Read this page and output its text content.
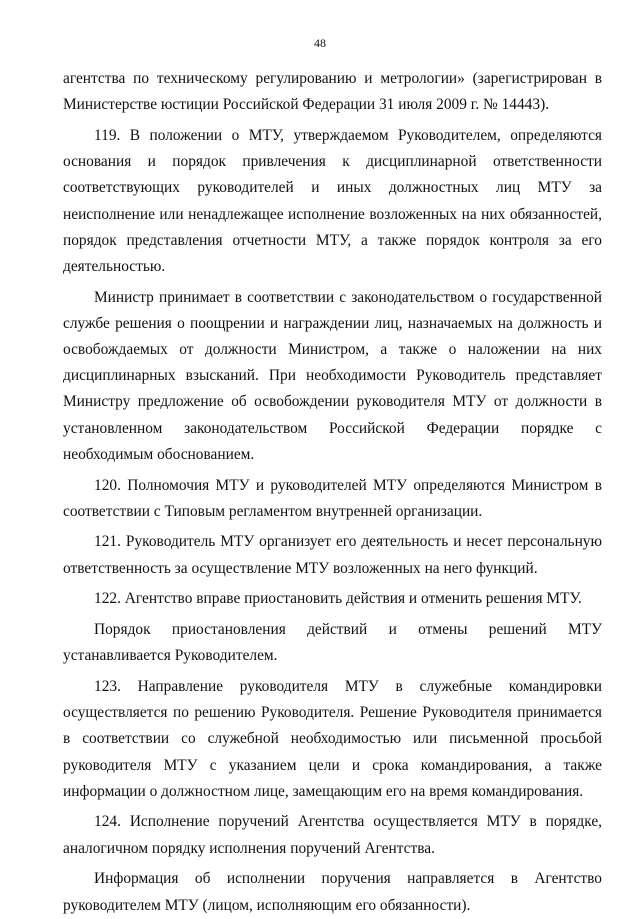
48

агентства по техническому регулированию и метрологии» (зарегистрирован в Министерстве юстиции Российской Федерации 31 июля 2009 г. № 14443).

119. В положении о МТУ, утверждаемом Руководителем, определяются основания и порядок привлечения к дисциплинарной ответственности соответствующих руководителей и иных должностных лиц МТУ за неисполнение или ненадлежащее исполнение возложенных на них обязанностей, порядок представления отчетности МТУ, а также порядок контроля за его деятельностью.

Министр принимает в соответствии с законодательством о государственной службе решения о поощрении и награждении лиц, назначаемых на должность и освобождаемых от должности Министром, а также о наложении на них дисциплинарных взысканий. При необходимости Руководитель представляет Министру предложение об освобождении руководителя МТУ от должности в установленном законодательством Российской Федерации порядке с необходимым обоснованием.

120. Полномочия МТУ и руководителей МТУ определяются Министром в соответствии с Типовым регламентом внутренней организации.

121. Руководитель МТУ организует его деятельность и несет персональную ответственность за осуществление МТУ возложенных на него функций.

122. Агентство вправе приостановить действия и отменить решения МТУ.

Порядок приостановления действий и отмены решений МТУ устанавливается Руководителем.

123. Направление руководителя МТУ в служебные командировки осуществляется по решению Руководителя. Решение Руководителя принимается в соответствии со служебной необходимостью или письменной просьбой руководителя МТУ с указанием цели и срока командирования, а также информации о должностном лице, замещающим его на время командирования.

124. Исполнение поручений Агентства осуществляется МТУ в порядке, аналогичном порядку исполнения поручений Агентства.

Информация об исполнении поручения направляется в Агентство руководителем МТУ (лицом, исполняющим его обязанности).
